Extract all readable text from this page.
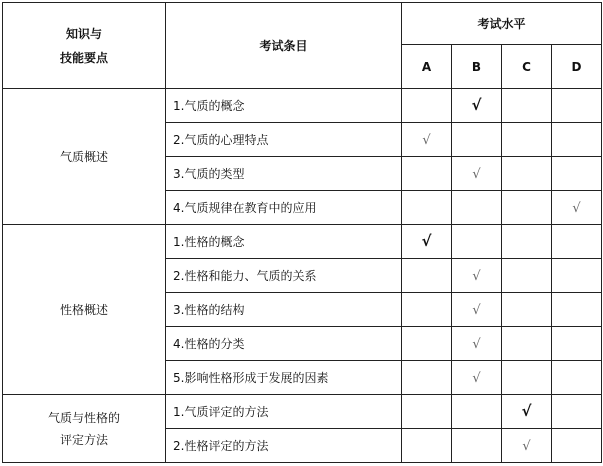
知识与
技能要点	考试条目	考试水平			
		A	B	C	D

气质概述	1.气质的概念		√		
	2.气质的心理特点	√			
	3.气质的类型		√		
	4.气质规律在教育中的应用				√

性格概述	1.性格的概念	√			
	2.性格和能力、气质的关系		√		
	3.性格的结构		√		
	4.性格的分类		√		
	5.影响性格形成于发展的因素		√		

气质与性格的
评定方法	1.气质评定的方法			√	
	2.性格评定的方法			√	
